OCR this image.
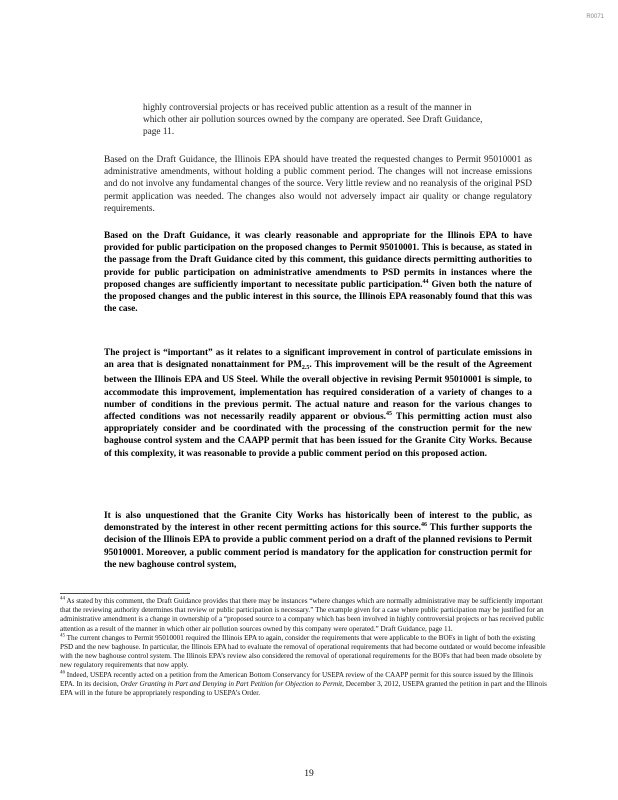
R0071
highly controversial projects or has received public attention as a result of the manner in which other air pollution sources owned by the company are operated. See Draft Guidance, page 11.
Based on the Draft Guidance, the Illinois EPA should have treated the requested changes to Permit 95010001 as administrative amendments, without holding a public comment period. The changes will not increase emissions and do not involve any fundamental changes of the source. Very little review and no reanalysis of the original PSD permit application was needed. The changes also would not adversely impact air quality or change regulatory requirements.
Based on the Draft Guidance, it was clearly reasonable and appropriate for the Illinois EPA to have provided for public participation on the proposed changes to Permit 95010001. This is because, as stated in the passage from the Draft Guidance cited by this comment, this guidance directs permitting authorities to provide for public participation on administrative amendments to PSD permits in instances where the proposed changes are sufficiently important to necessitate public participation.$^{44}$ Given both the nature of the proposed changes and the public interest in this source, the Illinois EPA reasonably found that this was the case.
The project is “important” as it relates to a significant improvement in control of particulate emissions in an area that is designated nonattainment for $PM_{2.5}$. This improvement will be the result of the Agreement between the Illinois EPA and US Steel. While the overall objective in revising Permit 95010001 is simple, to accommodate this improvement, implementation has required consideration of a variety of changes to a number of conditions in the previous permit. The actual nature and reason for the various changes to affected conditions was not necessarily readily apparent or obvious.$^{45}$ This permitting action must also appropriately consider and be coordinated with the processing of the construction permit for the new baghouse control system and the CAAPP permit that has been issued for the Granite City Works. Because of this complexity, it was reasonable to provide a public comment period on this proposed action.
It is also unquestioned that the Granite City Works has historically been of interest to the public, as demonstrated by the interest in other recent permitting actions for this source.$^{46}$ This further supports the decision of the Illinois EPA to provide a public comment period on a draft of the planned revisions to Permit 95010001. Moreover, a public comment period is mandatory for the application for construction permit for the new baghouse control system,

$^{44}$ As stated by this comment, the Draft Guidance provides that there may be instances “where changes which are normally administrative may be sufficiently important that the reviewing authority determines that review or public participation is necessary.” The example given for a case where public participation may be justified for an administrative amendment is a change in ownership of a “proposed source to a company which has been involved in highly controversial projects or has received public attention as a result of the manner in which other air pollution sources owned by this company were operated.” Draft Guidance, page 11.

$^{45}$ The current changes to Permit 95010001 required the Illinois EPA to again, consider the requirements that were applicable to the BOFs in light of both the existing PSD and the new baghouse. In particular, the Illinois EPA had to evaluate the removal of operational requirements that had become outdated or would become infeasible with the new baghouse control system. The Illinois EPA’s review also considered the removal of operational requirements for the BOFs that had been made obsolete by new regulatory requirements that now apply.

$^{46}$ Indeed, USEPA recently acted on a petition from the American Bottom Conservancy for USEPA review of the CAAPP permit for this source issued by the Illinois EPA. In its decision, Order Granting in Part and Denying in Part Petition for Objection to Permit, December 3, 2012, USEPA granted the petition in part and the Illinois EPA will in the future be appropriately responding to USEPA’s Order.

19
